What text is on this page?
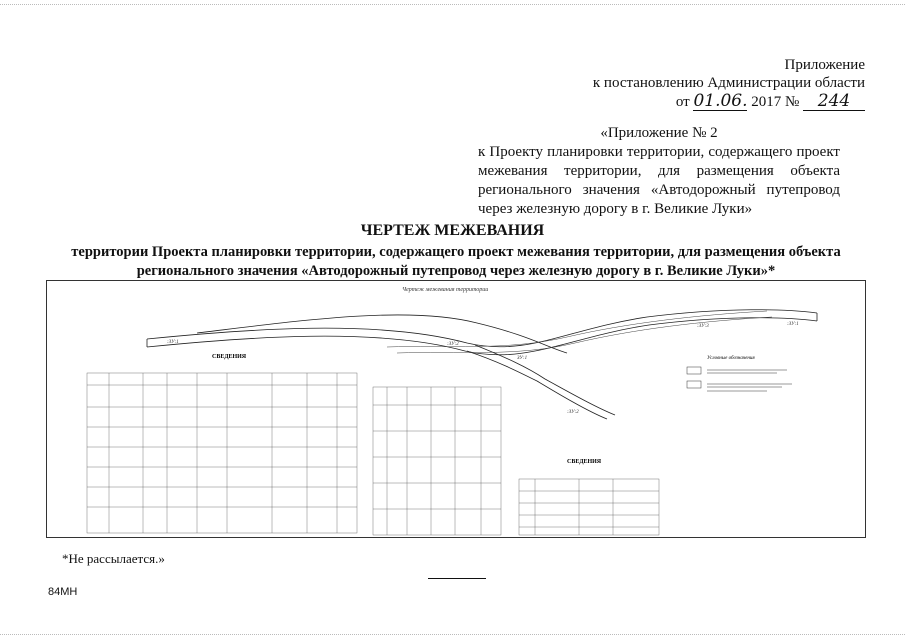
Приложение
к постановлению Администрации области
от 01.06. 2017 № 244
«Приложение № 2
к Проекту планировки территории, содержащего проект межевания территории, для размещения объекта регионального значения «Автодорожный путепровод через железную дорогу в г. Великие Луки»
ЧЕРТЕЖ МЕЖЕВАНИЯ
территории Проекта планировки территории, содержащего проект межевания территории, для размещения объекта регионального значения «Автодорожный путепровод через железную дорогу в г. Великие Луки»*
Чертеж межевания территории
:ЗУ:1	:ЗУ:2
:ЗУ:3	:ЗУ:1
:ЗУ:2
ЗУ:1
СВЕДЕНИЯ
СВЕДЕНИЯ
Условные обозначения
*Не рассылается.»
84МН
